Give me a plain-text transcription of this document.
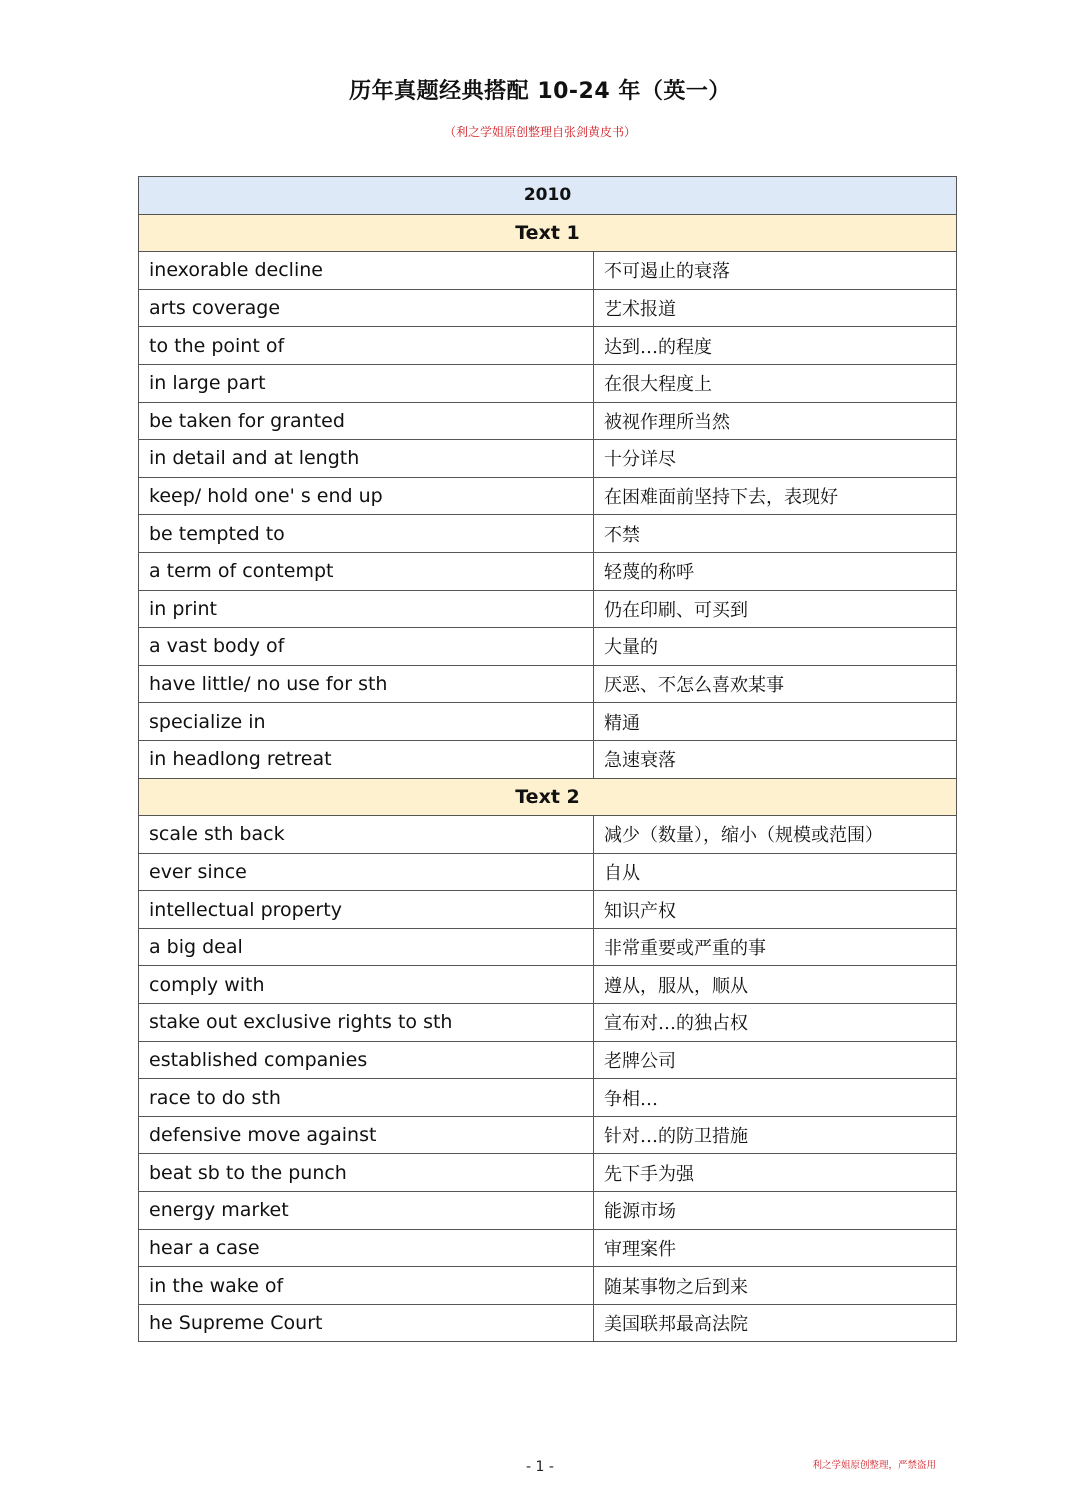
历年真题经典搭配 10-24 年（英一）
（利之学姐原创整理自张剑黄皮书）
2010	
Text 1	
inexorable decline	不可遏止的衰落
arts coverage	艺术报道
to the point of	达到…的程度
in large part	在很大程度上
be taken for granted	被视作理所当然
in detail and at length	十分详尽
keep/ hold one' s end up	在困难面前坚持下去，表现好
be tempted to	不禁
a term of contempt	轻蔑的称呼
in print	仍在印刷、可买到
a vast body of	大量的
have little/ no use for sth	厌恶、不怎么喜欢某事
specialize in	精通
in headlong retreat	急速衰落
Text 2	
scale sth back	减少（数量），缩小（规模或范围）
ever since	自从
intellectual property	知识产权
a big deal	非常重要或严重的事
comply with	遵从，服从，顺从
stake out exclusive rights to sth	宣布对…的独占权
established companies	老牌公司
race to do sth	争相…
defensive move against	针对…的防卫措施
beat sb to the punch	先下手为强
energy market	能源市场
hear a case	审理案件
in the wake of	随某事物之后到来
he Supreme Court	美国联邦最高法院
- 1 -	利之学姐原创整理，严禁盗用
